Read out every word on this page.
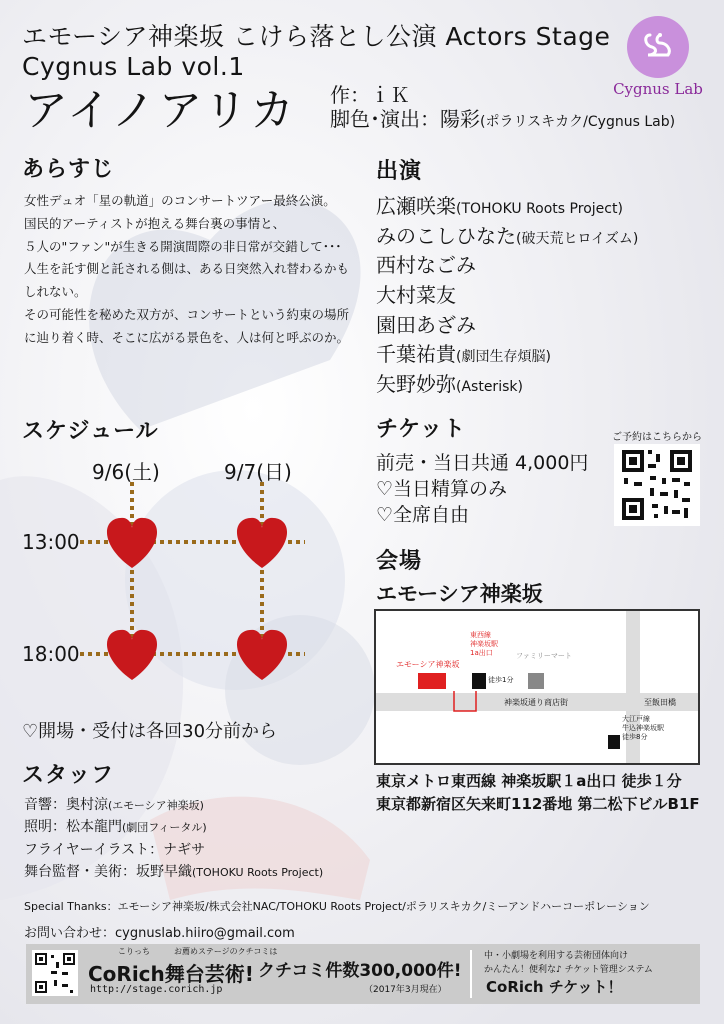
エモーシア神楽坂 こけら落とし公演 Actors Stage
Cygnus Lab vol.1
アイノアリカ 作：ｉＫ
脚色･演出：陽彩(ポラリスキカク/Cygnus Lab)
Cygnus Lab
あらすじ

女性デュオ「星の軌道」のコンサートツアー最終公演。

国民的アーティストが抱える舞台裏の事情と、

５人の"ファン"が生きる開演間際の非日常が交錯して･･･

人生を託す側と託される側は、ある日突然入れ替わるかも

しれない。

その可能性を秘めた双方が、コンサートという約束の場所

に辿り着く時、そこに広がる景色を、人は何と呼ぶのか。

スケジュール
9/6(土)	9/7(日)
13:00
18:00
♡開場・受付は各回30分前から
スタッフ
音響：奥村涼(エモーシア神楽坂)
照明：松本龍門(劇団フィータル)
フライヤーイラスト：ナギサ
舞台監督・美術：坂野早織(TOHOKU Roots Project)
出演
広瀬咲楽(TOHOKU Roots Project)
みのこしひなた(破天荒ヒロイズム)
西村なごみ
大村菜友
園田あざみ
千葉祐貴(劇団生存煩脳)
矢野妙弥(Asterisk)
チケット	ご予約はこちらから
前売・当日共通 4,000円
♡当日精算のみ
♡全席自由
会場
エモーシア神楽坂
エモーシア神楽坂
東西線
神楽坂駅
1a出口
徒歩1分
ファミリーマート
神楽坂通り商店街	至飯田橋
大江戸線
牛込神楽坂駅
徒歩8分
東京メトロ東西線 神楽坂駅１a出口 徒歩１分
東京都新宿区矢来町112番地 第二松下ビルB1F
Special Thanks：エモーシア神楽坂/株式会社NAC/TOHOKU Roots Project/ポラリスキカク/ミーアンドハーコーポレーション
お問い合わせ：cygnuslab.hiiro@gmail.com
こりっち	お薦めステージのクチコミは
CoRich舞台芸術!
http://stage.corich.jp
クチコミ件数300,000件!
（2017年3月現在）
中・小劇場を利用する芸術団体向け
かんたん！便利な♪ チケット管理システム
CoRich チケット！
